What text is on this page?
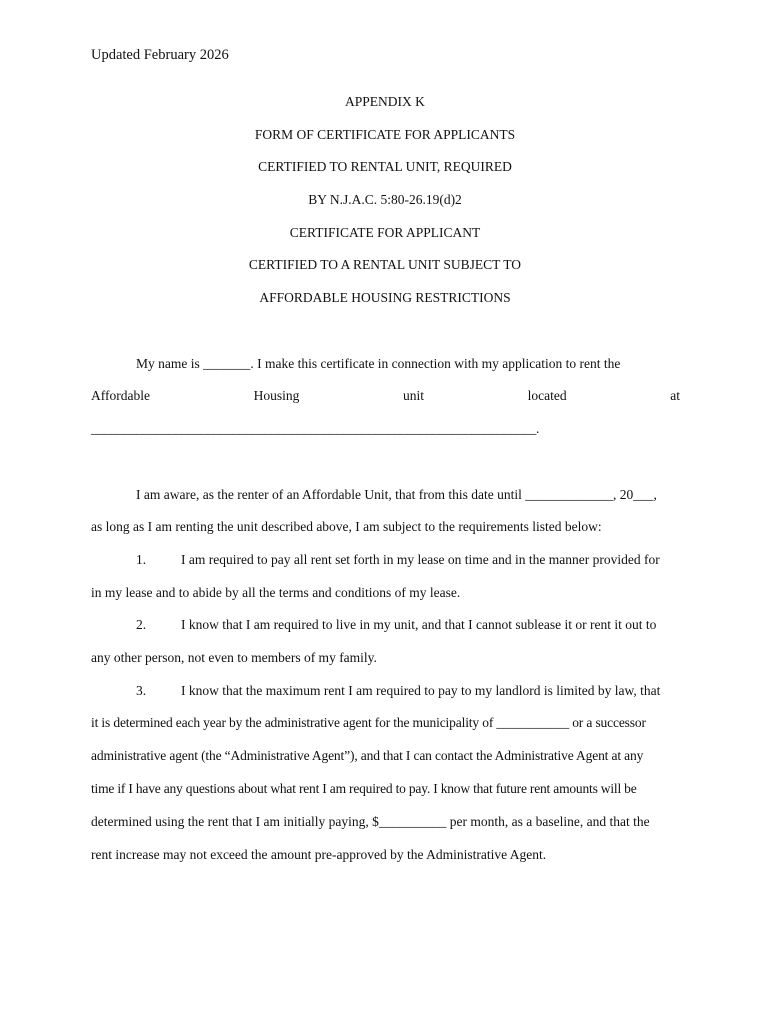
Updated February 2026
APPENDIX K
FORM OF CERTIFICATE FOR APPLICANTS
CERTIFIED TO RENTAL UNIT, REQUIRED
BY N.J.A.C. 5:80-26.19(d)2
CERTIFICATE FOR APPLICANT
CERTIFIED TO A RENTAL UNIT SUBJECT TO
AFFORDABLE HOUSING RESTRICTIONS
My name is _______. I make this certificate in connection with my application to rent the
Affordable	Housing	unit	located	at
_____________________________________________________________________.
I am aware, as the renter of an Affordable Unit, that from this date until _____________, 20___,
as long as I am renting the unit described above, I am subject to the requirements listed below:
1.	I am required to pay all rent set forth in my lease on time and in the manner provided for
in my lease and to abide by all the terms and conditions of my lease.
2.	I know that I am required to live in my unit, and that I cannot sublease it or rent it out to
any other person, not even to members of my family.
3.	I know that the maximum rent I am required to pay to my landlord is limited by law, that
it is determined each year by the administrative agent for the municipality of ___________ or a successor
administrative agent (the “Administrative Agent”), and that I can contact the Administrative Agent at any
time if I have any questions about what rent I am required to pay. I know that future rent amounts will be
determined using the rent that I am initially paying, $__________ per month, as a baseline, and that the
rent increase may not exceed the amount pre-approved by the Administrative Agent.
